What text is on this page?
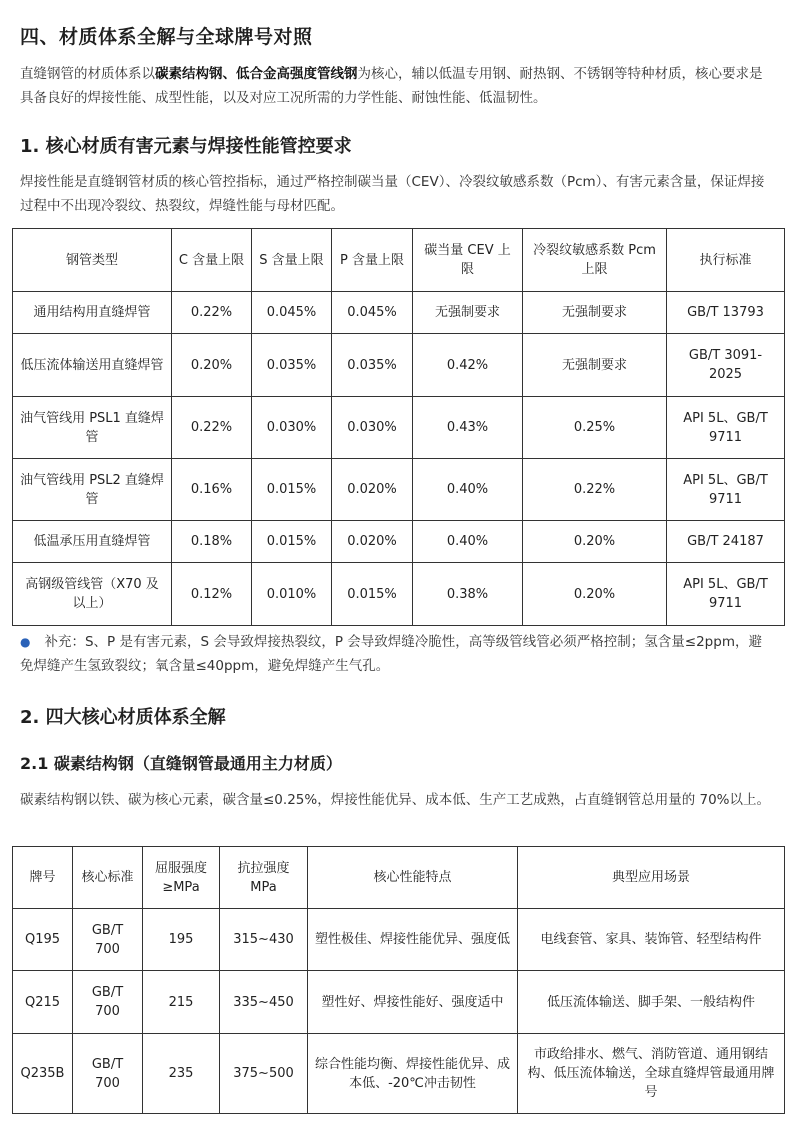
四、材质体系全解与全球牌号对照
直缝钢管的材质体系以碳素结构钢、低合金高强度管线钢为核心，辅以低温专用钢、耐热钢、不锈钢等特种材质，核心要求是具备良好的焊接性能、成型性能，以及对应工况所需的力学性能、耐蚀性能、低温韧性。
1. 核心材质有害元素与焊接性能管控要求
焊接性能是直缝钢管材质的核心管控指标，通过严格控制碳当量（CEV）、冷裂纹敏感系数（Pcm）、有害元素含量，保证焊接过程中不出现冷裂纹、热裂纹，焊缝性能与母材匹配。
钢管类型	C 含量上限	S 含量上限	P 含量上限	碳当量 CEV 上限	冷裂纹敏感系数 Pcm 上限	执行标准
通用结构用直缝焊管	0.22%	0.045%	0.045%	无强制要求	无强制要求	GB/T 13793
低压流体输送用直缝焊管	0.20%	0.035%	0.035%	0.42%	无强制要求	GB/T 3091-2025
油气管线用 PSL1 直缝焊管	0.22%	0.030%	0.030%	0.43%	0.25%	API 5L、GB/T 9711
油气管线用 PSL2 直缝焊管	0.16%	0.015%	0.020%	0.40%	0.22%	API 5L、GB/T 9711
低温承压用直缝焊管	0.18%	0.015%	0.020%	0.40%	0.20%	GB/T 24187
高钢级管线管（X70 及以上）	0.12%	0.010%	0.015%	0.38%	0.20%	API 5L、GB/T 9711
● 补充：S、P 是有害元素，S 会导致焊接热裂纹，P 会导致焊缝冷脆性，高等级管线管必须严格控制；氢含量≤2ppm，避免焊缝产生氢致裂纹；氧含量≤40ppm，避免焊缝产生气孔。
2. 四大核心材质体系全解
2.1 碳素结构钢（直缝钢管最通用主力材质）
碳素结构钢以铁、碳为核心元素，碳含量≤0.25%，焊接性能优异、成本低、生产工艺成熟，占直缝钢管总用量的 70%以上。
牌号	核心标准	屈服强度 ≥MPa	抗拉强度 MPa	核心性能特点	典型应用场景
Q195	GB/T 700	195	315~430	塑性极佳、焊接性能优异、强度低	电线套管、家具、装饰管、轻型结构件
Q215	GB/T 700	215	335~450	塑性好、焊接性能好、强度适中	低压流体输送、脚手架、一般结构件
Q235B	GB/T 700	235	375~500	综合性能均衡、焊接性能优异、成本低、-20℃冲击韧性	市政给排水、燃气、消防管道、通用钢结构、低压流体输送，全球直缝焊管最通用牌号
